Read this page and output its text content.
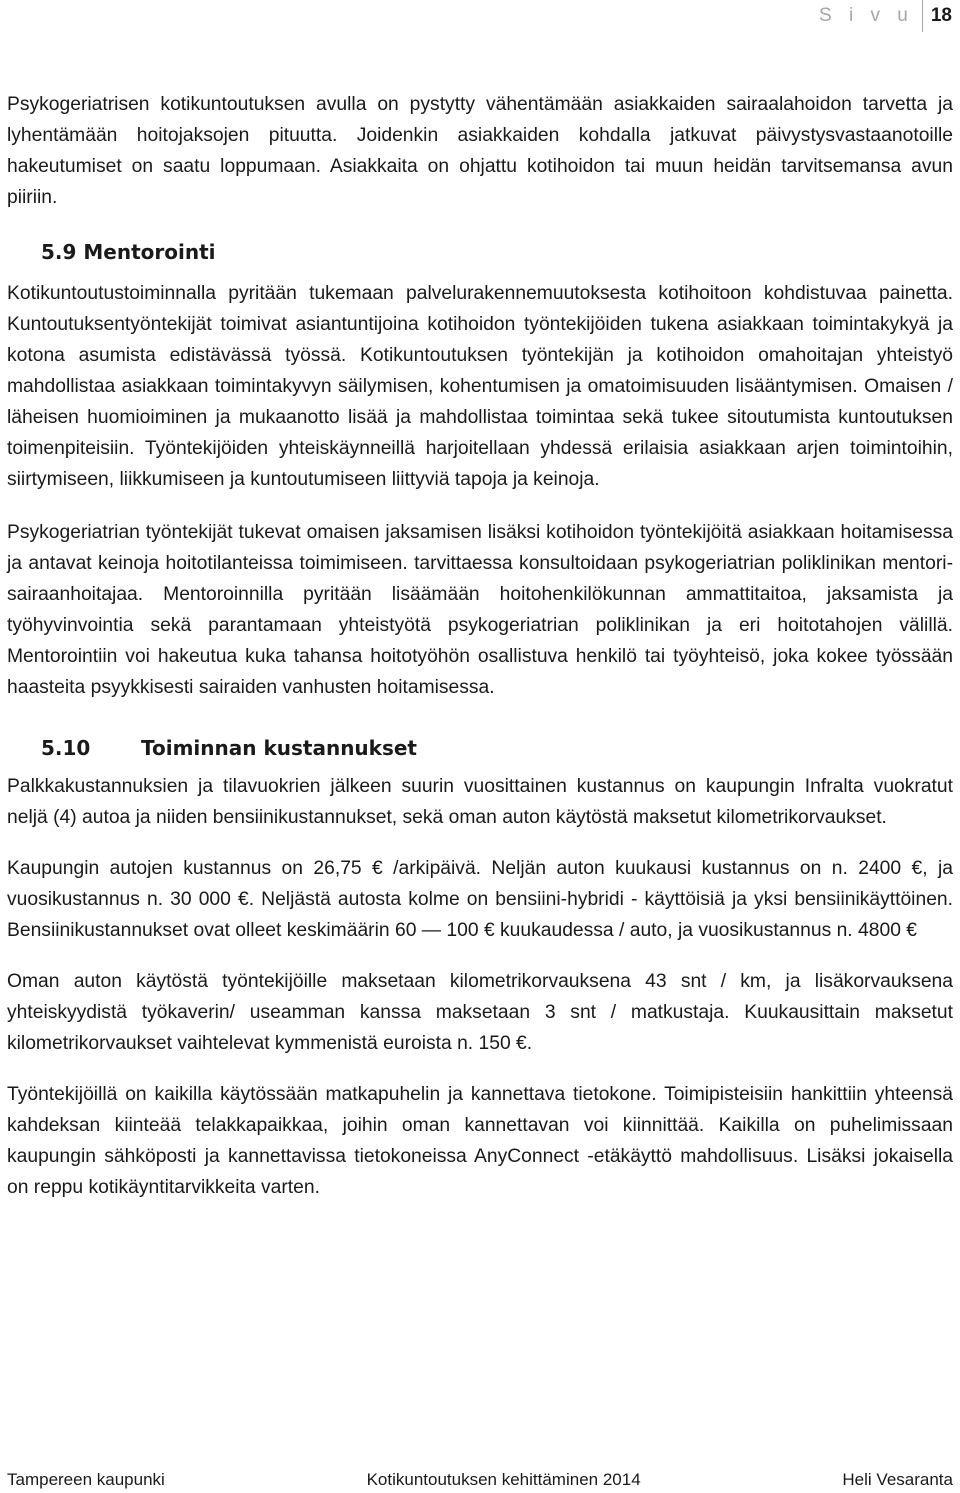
S i v u 18

Psykogeriatrisen kotikuntoutuksen avulla on pystytty vähentämään asiakkaiden sairaalahoidon tarvetta ja lyhentämään hoitojaksojen pituutta. Joidenkin asiakkaiden kohdalla jatkuvat päivystysvastaanotoille hakeutumiset on saatu loppumaan. Asiakkaita on ohjattu kotihoidon tai muun heidän tarvitsemansa avun piiriin.

5.9 Mentorointi

Kotikuntoutustoiminnalla pyritään tukemaan palvelurakennemuutoksesta kotihoitoon kohdistuvaa painetta. Kuntoutuksentyöntekijät toimivat asiantuntijoina kotihoidon työntekijöiden tukena asiakkaan toimintakykyä ja kotona asumista edistävässä työssä. Kotikuntoutuksen työntekijän ja kotihoidon omahoitajan yhteistyö mahdollistaa asiakkaan toimintakyvyn säilymisen, kohentumisen ja omatoimisuuden lisääntymisen. Omaisen / läheisen huomioiminen ja mukaanotto lisää ja mahdollistaa toimintaa sekä tukee sitoutumista kuntoutuksen toimenpiteisiin. Työntekijöiden yhteiskäynneillä harjoitellaan yhdessä erilaisia asiakkaan arjen toimintoihin, siirtymiseen, liikkumiseen ja kuntoutumiseen liittyviä tapoja ja keinoja.

Psykogeriatrian työntekijät tukevat omaisen jaksamisen lisäksi kotihoidon työntekijöitä asiakkaan hoitamisessa ja antavat keinoja hoitotilanteissa toimimiseen. tarvittaessa konsultoidaan psykogeriatrian poliklinikan mentori- sairaanhoitajaa. Mentoroinnilla pyritään lisäämään hoitohenkilökunnan ammattitaitoa, jaksamista ja työhyvinvointia sekä parantamaan yhteistyötä psykogeriatrian poliklinikan ja eri hoitotahojen välillä. Mentorointiin voi hakeutua kuka tahansa hoitotyöhön osallistuva henkilö tai työyhteisö, joka kokee työssään haasteita psyykkisesti sairaiden vanhusten hoitamisessa.

5.10	Toiminnan kustannukset

Palkkakustannuksien ja tilavuokrien jälkeen suurin vuosittainen kustannus on kaupungin Infralta vuokratut neljä (4) autoa ja niiden bensiinikustannukset, sekä oman auton käytöstä maksetut kilometrikorvaukset.

Kaupungin autojen kustannus on 26,75 € /arkipäivä. Neljän auton kuukausi kustannus on n. 2400 €, ja vuosikustannus n. 30 000 €. Neljästä autosta kolme on bensiini-hybridi - käyttöisiä ja yksi bensiinikäyttöinen. Bensiinikustannukset ovat olleet keskimäärin 60 — 100 € kuukaudessa / auto, ja vuosikustannus n. 4800 €

Oman auton käytöstä työntekijöille maksetaan kilometrikorvauksena 43 snt / km, ja lisäkorvauksena yhteiskyydistä työkaverin/ useamman kanssa maksetaan 3 snt / matkustaja. Kuukausittain maksetut kilometrikorvaukset vaihtelevat kymmenistä euroista n. 150 €.

Työntekijöillä on kaikilla käytössään matkapuhelin ja kannettava tietokone. Toimipisteisiin hankittiin yhteensä kahdeksan kiinteää telakkapaikkaa, joihin oman kannettavan voi kiinnittää. Kaikilla on puhelimissaan kaupungin sähköposti ja kannettavissa tietokoneissa AnyConnect -etäkäyttö mahdollisuus. Lisäksi jokaisella on reppu kotikäyntitarvikkeita varten.

Tampereen kaupunki	Kotikuntoutuksen kehittäminen 2014	Heli Vesaranta
